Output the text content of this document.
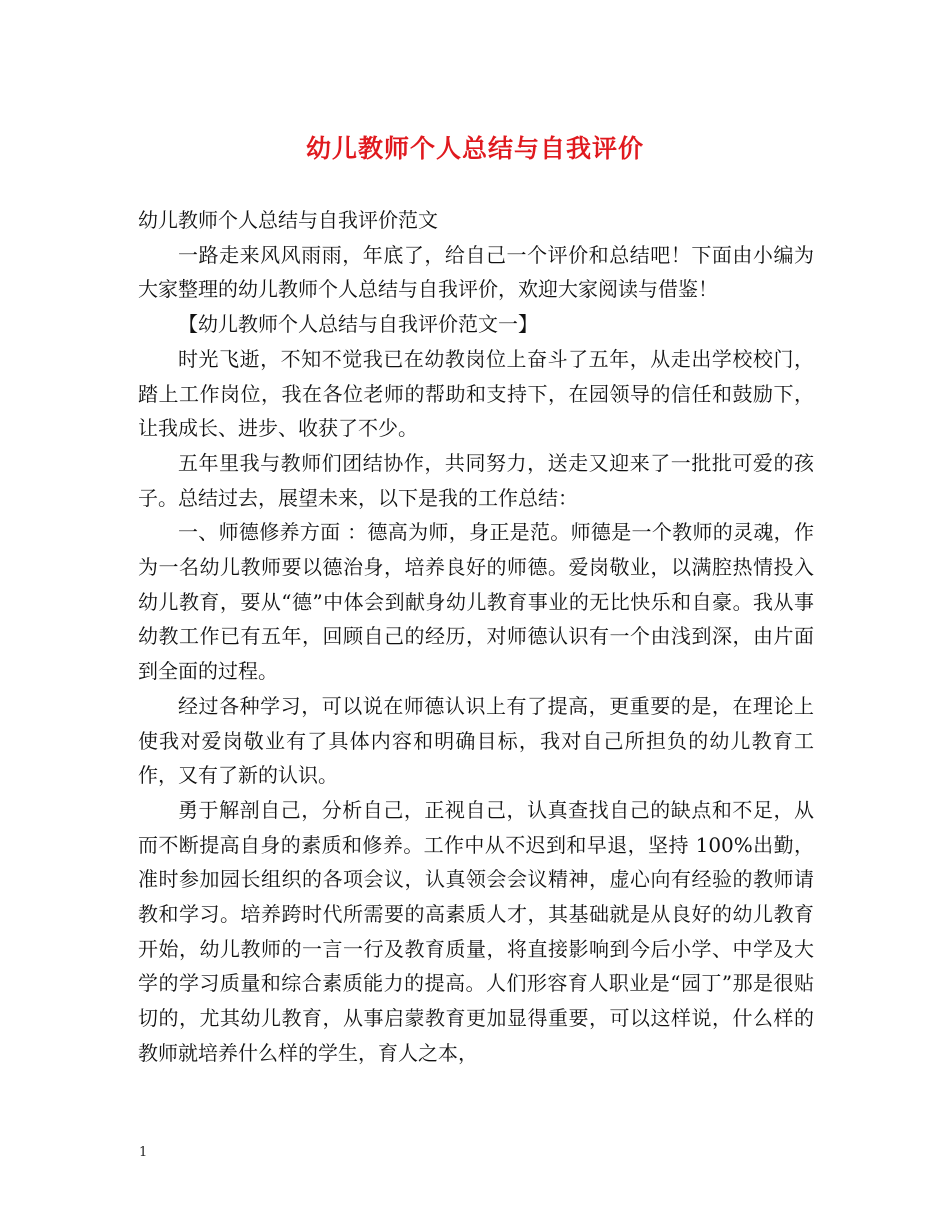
幼儿教师个人总结与自我评价

幼儿教师个人总结与自我评价范文

一路走来风风雨雨，年底了，给自己一个评价和总结吧！下面由小编为大家整理的幼儿教师个人总结与自我评价，欢迎大家阅读与借鉴！

【幼儿教师个人总结与自我评价范文一】

时光飞逝，不知不觉我已在幼教岗位上奋斗了五年，从走出学校校门，踏上工作岗位，我在各位老师的帮助和支持下，在园领导的信任和鼓励下，让我成长、进步、收获了不少。

五年里我与教师们团结协作，共同努力，送走又迎来了一批批可爱的孩子。总结过去，展望未来，以下是我的工作总结：

一、师德修养方面 ：德高为师，身正是范。师德是一个教师的灵魂，作为一名幼儿教师要以德治身，培养良好的师德。爱岗敬业，以满腔热情投入幼儿教育，要从“德”中体会到献身幼儿教育事业的无比快乐和自豪。我从事幼教工作已有五年，回顾自己的经历，对师德认识有一个由浅到深，由片面到全面的过程。

经过各种学习，可以说在师德认识上有了提高，更重要的是，在理论上使我对爱岗敬业有了具体内容和明确目标，我对自己所担负的幼儿教育工作，又有了新的认识。

勇于解剖自己，分析自己，正视自己，认真查找自己的缺点和不足，从而不断提高自身的素质和修养。工作中从不迟到和早退，坚持 100%出勤，准时参加园长组织的各项会议，认真领会会议精神，虚心向有经验的教师请教和学习。培养跨时代所需要的高素质人才，其基础就是从良好的幼儿教育开始，幼儿教师的一言一行及教育质量，将直接影响到今后小学、中学及大学的学习质量和综合素质能力的提高。人们形容育人职业是“园丁”那是很贴切的，尤其幼儿教育，从事启蒙教育更加显得重要，可以这样说，什么样的教师就培养什么样的学生，育人之本，

1
